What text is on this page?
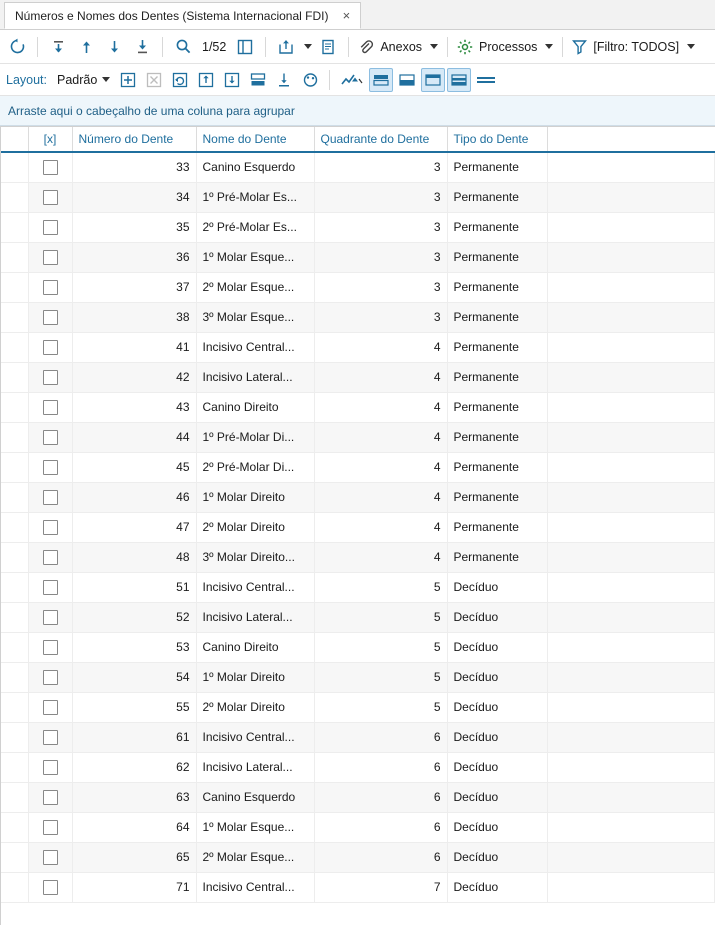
Números e Nomes dos Dentes (Sistema Internacional FDI)	×
1/52	Anexos	Processos	[Filtro: TODOS]
Layout: Padrão
Arraste aqui o cabeçalho de uma coluna para agrupar
	[x]	Número do Dente	Nome do Dente	Quadrante do Dente	Tipo do Dente	
		33	Canino Esquerdo	3	Permanente	
		34	1º Pré-Molar Es...	3	Permanente	
		35	2º Pré-Molar Es...	3	Permanente	
		36	1º Molar Esque...	3	Permanente	
		37	2º Molar Esque...	3	Permanente	
		38	3º Molar Esque...	3	Permanente	
		41	Incisivo Central...	4	Permanente	
		42	Incisivo Lateral...	4	Permanente	
		43	Canino Direito	4	Permanente	
		44	1º Pré-Molar Di...	4	Permanente	
		45	2º Pré-Molar Di...	4	Permanente	
		46	1º Molar Direito	4	Permanente	
		47	2º Molar Direito	4	Permanente	
		48	3º Molar Direito...	4	Permanente	
		51	Incisivo Central...	5	Decíduo	
		52	Incisivo Lateral...	5	Decíduo	
		53	Canino Direito	5	Decíduo	
		54	1º Molar Direito	5	Decíduo	
		55	2º Molar Direito	5	Decíduo	
		61	Incisivo Central...	6	Decíduo	
		62	Incisivo Lateral...	6	Decíduo	
		63	Canino Esquerdo	6	Decíduo	
		64	1º Molar Esque...	6	Decíduo	
		65	2º Molar Esque...	6	Decíduo	
		71	Incisivo Central...	7	Decíduo	
